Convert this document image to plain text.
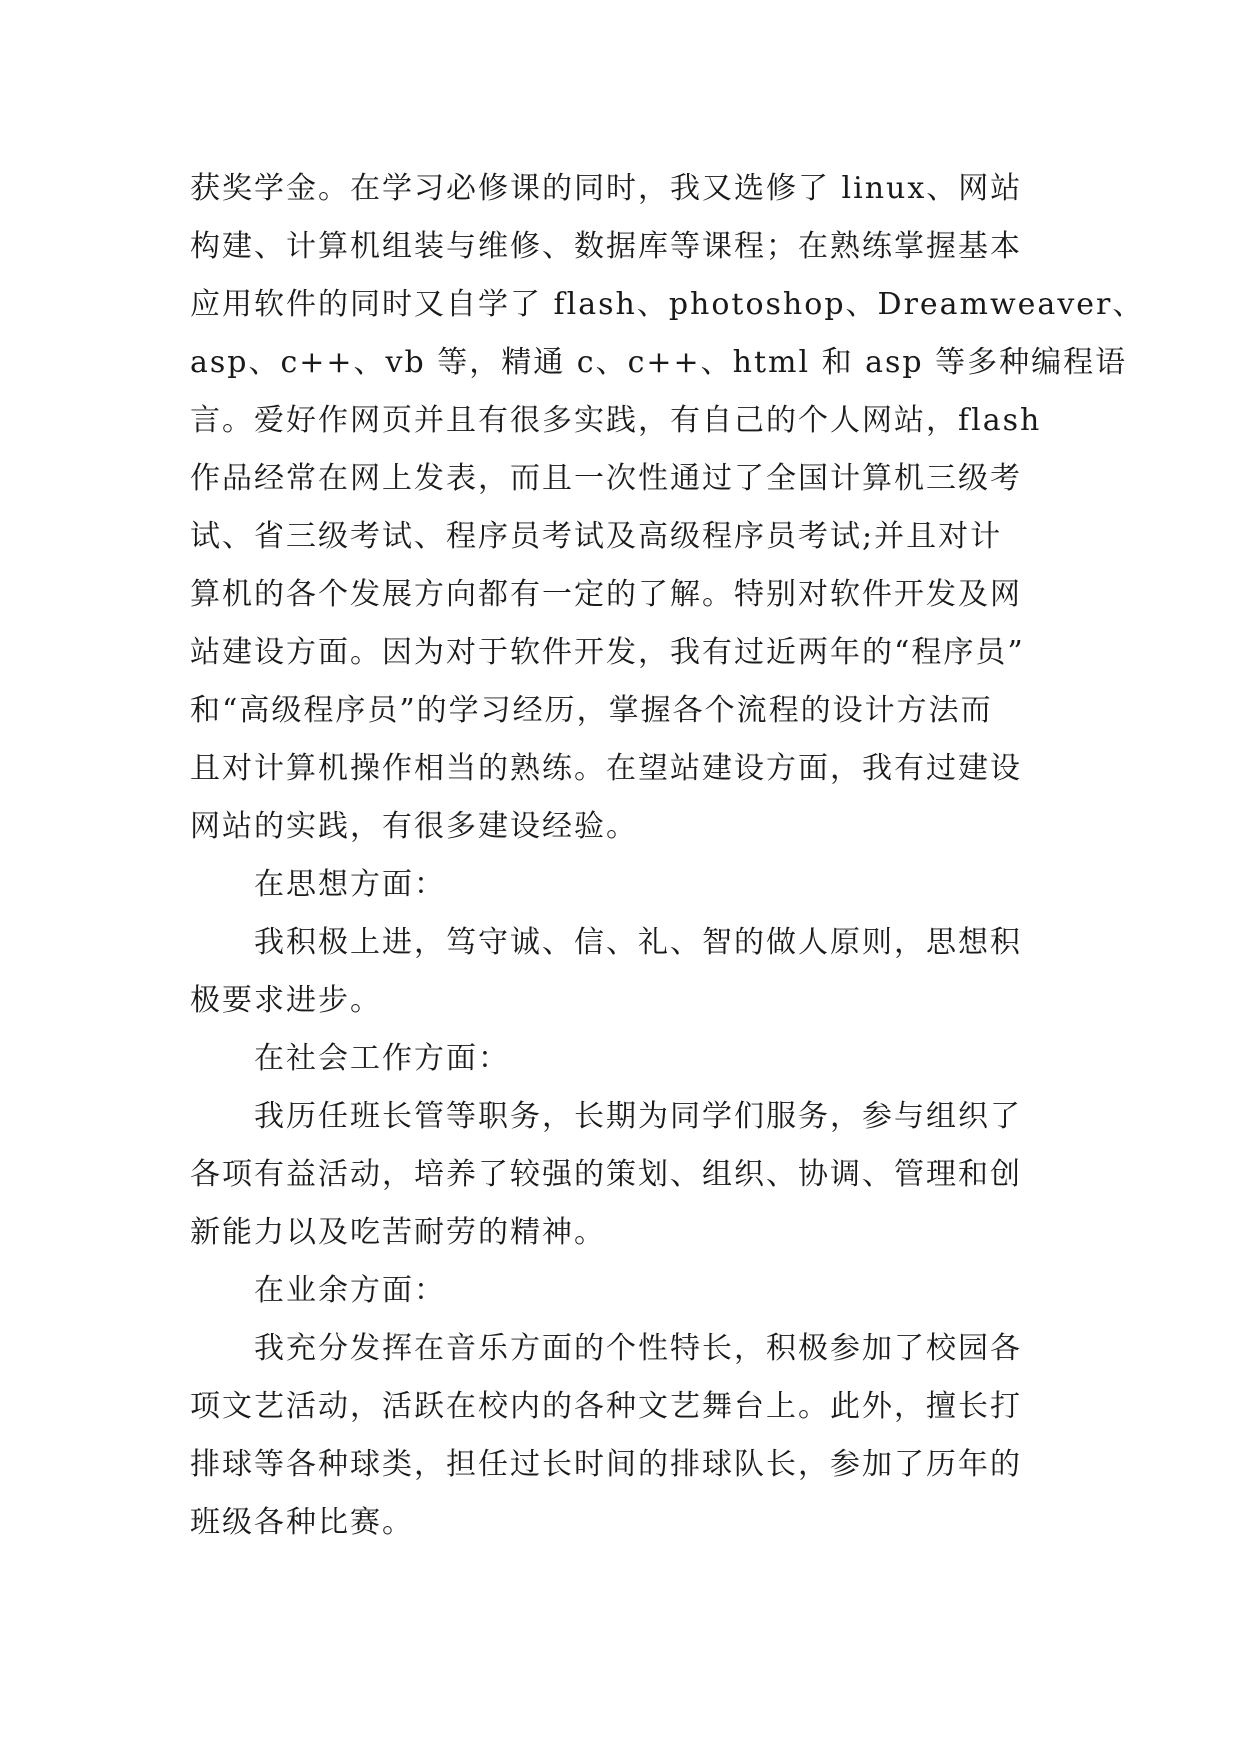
获奖学金。在学习必修课的同时，我又选修了 linux、网站
构建、计算机组装与维修、数据库等课程；在熟练掌握基本
应用软件的同时又自学了 flash、photoshop、Dreamweaver、
asp、c++、vb 等，精通 c、c++、html 和 asp 等多种编程语
言。爱好作网页并且有很多实践，有自己的个人网站，flash
作品经常在网上发表，而且一次性通过了全国计算机三级考
试、省三级考试、程序员考试及高级程序员考试;并且对计
算机的各个发展方向都有一定的了解。特别对软件开发及网
站建设方面。因为对于软件开发，我有过近两年的“程序员”
和“高级程序员”的学习经历，掌握各个流程的设计方法而
且对计算机操作相当的熟练。在望站建设方面，我有过建设
网站的实践，有很多建设经验。

在思想方面：

我积极上进，笃守诚、信、礼、智的做人原则，思想积
极要求进步。

在社会工作方面：

我历任班长管等职务，长期为同学们服务，参与组织了
各项有益活动，培养了较强的策划、组织、协调、管理和创
新能力以及吃苦耐劳的精神。

在业余方面：

我充分发挥在音乐方面的个性特长，积极参加了校园各
项文艺活动，活跃在校内的各种文艺舞台上。此外，擅长打
排球等各种球类，担任过长时间的排球队长，参加了历年的
班级各种比赛。
